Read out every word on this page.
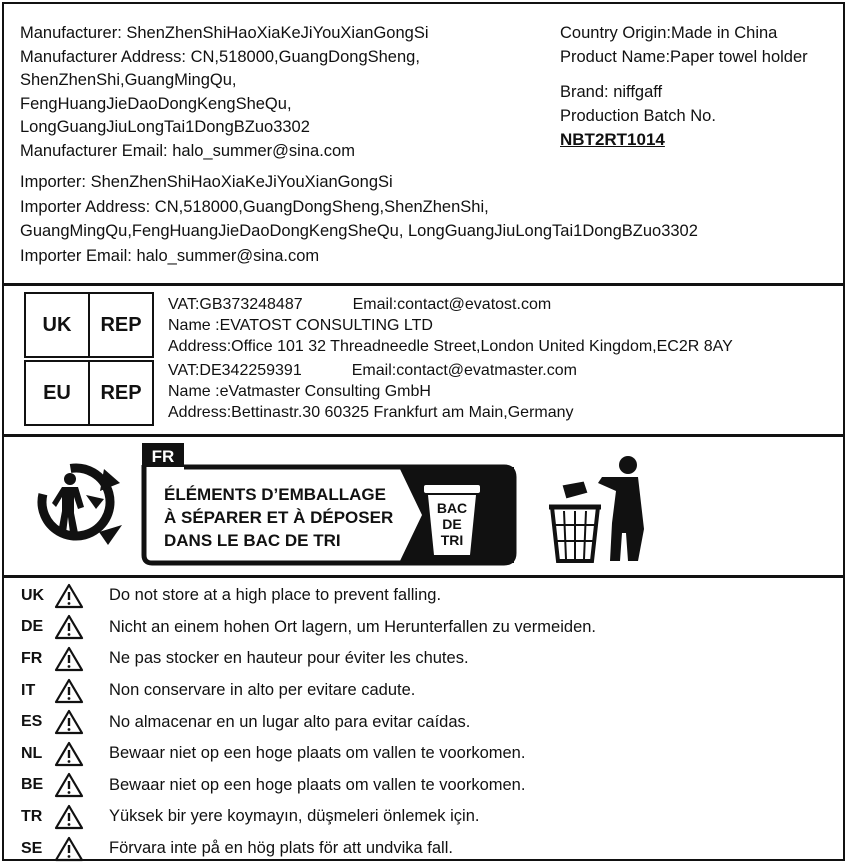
Manufacturer: ShenZhenShiHaoXiaKeJiYouXianGongSi
Manufacturer Address: CN,518000,GuangDongSheng,
ShenZhenShi,GuangMingQu,
FengHuangJieDaoDongKengSheQu,
LongGuangJiuLongTai1DongBZuo3302
Manufacturer Email: halo_summer@sina.com
Importer: ShenZhenShiHaoXiaKeJiYouXianGongSi
Importer Address: CN,518000,GuangDongSheng,ShenZhenShi,
GuangMingQu,FengHuangJieDaoDongKengSheQu, LongGuangJiuLongTai1DongBZuo3302
Importer Email: halo_summer@sina.com
Country Origin:Made in China
Product Name:Paper towel holder
Brand: niffgaff
Production Batch No.
NBT2RT1014
UK	REP
EU	REP
VAT:GB373248487	Email:contact@evatost.com
Name :EVATOST CONSULTING LTD
Address:Office 101 32 Threadneedle Street,London United Kingdom,EC2R 8AY
VAT:DE342259391	Email:contact@evatmaster.com
Name :eVatmaster Consulting GmbH
Address:Bettinastr.30 60325 Frankfurt am Main,Germany
FR
ÉLÉMENTS D’EMBALLAGE
À SÉPARER ET À DÉPOSER
DANS LE BAC DE TRI
BAC
DE
TRI
UK	Do not store at a high place to prevent falling.
DE	Nicht an einem hohen Ort lagern, um Herunterfallen zu vermeiden.
FR	Ne pas stocker en hauteur pour éviter les chutes.
IT	Non conservare in alto per evitare cadute.
ES	No almacenar en un lugar alto para evitar caídas.
NL	Bewaar niet op een hoge plaats om vallen te voorkomen.
BE	Bewaar niet op een hoge plaats om vallen te voorkomen.
TR	Yüksek bir yere koymayın, düşmeleri önlemek için.
SE	Förvara inte på en hög plats för att undvika fall.
